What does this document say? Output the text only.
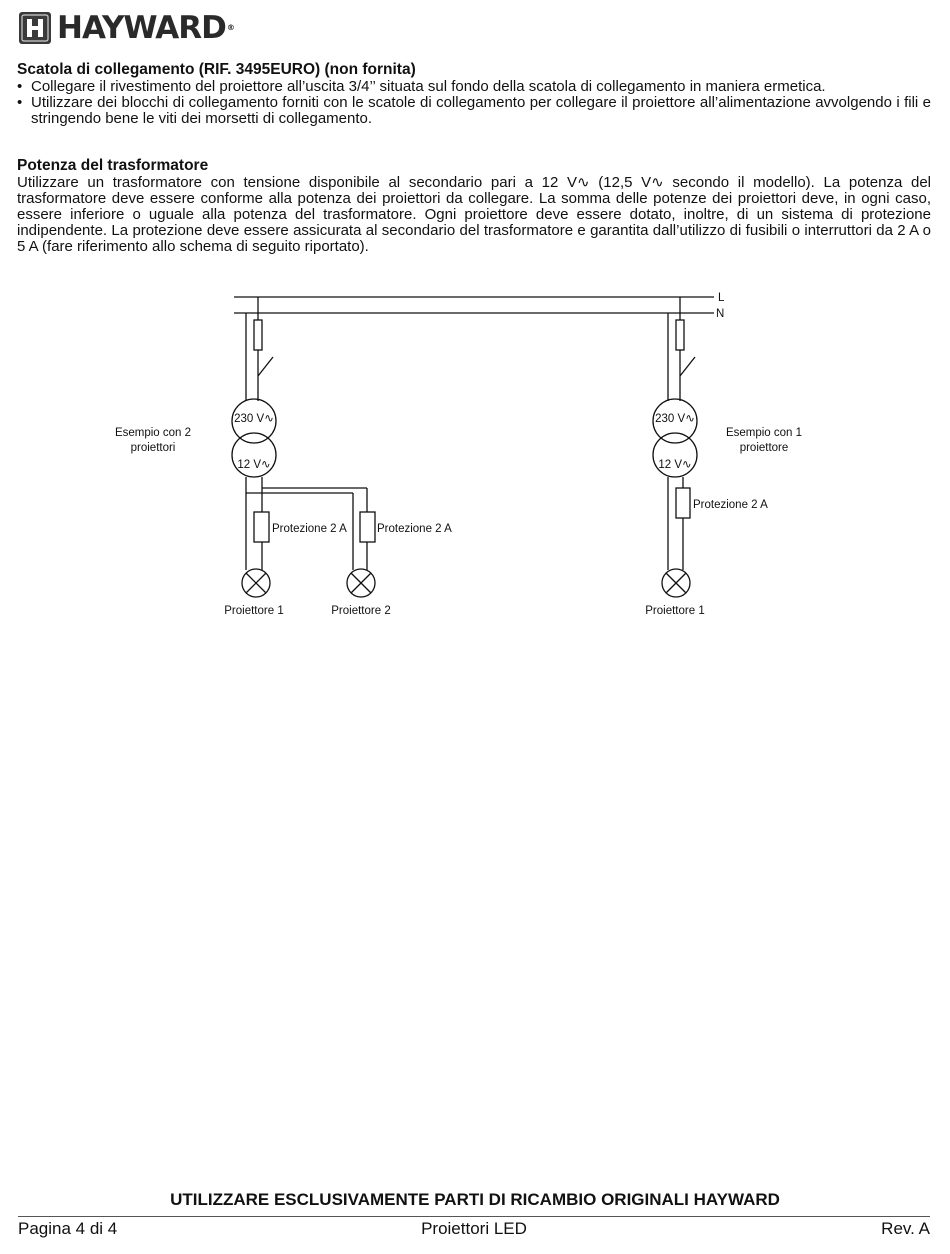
HAYWARD®
Scatola di collegamento (RIF. 3495EURO) (non fornita)
• Collegare il rivestimento del proiettore all’uscita 3/4’’ situata sul fondo della scatola di collegamento in maniera ermetica.
• Utilizzare dei blocchi di collegamento forniti con le scatole di collegamento per collegare il proiettore all’alimentazione avvolgendo i fili e stringendo bene le viti dei morsetti di collegamento.
Potenza del trasformatore
Utilizzare un trasformatore con tensione disponibile al secondario pari a 12 V∿ (12,5 V∿ secondo il modello). La potenza del trasformatore deve essere conforme alla potenza dei proiettori da collegare. La somma delle potenze dei proiettori deve, in ogni caso, essere inferiore o uguale alla potenza del trasformatore. Ogni proiettore deve essere dotato, inoltre, di un sistema di protezione indipendente. La protezione deve essere assicurata al secondario del trasformatore e garantita dall’utilizzo di fusibili o interruttori da 2 A o 5 A (fare riferimento allo schema di seguito riportato).
L
N
Esempio con 2
proiettori
230 V∿
12 V∿
Protezione 2 A	Protezione 2 A
Proiettore 1	Proiettore 2
Esempio con 1
proiettore
230 V∿
12 V∿
Protezione 2 A
Proiettore 1
UTILIZZARE ESCLUSIVAMENTE PARTI DI RICAMBIO ORIGINALI HAYWARD
Pagina 4 di 4	Proiettori LED	Rev. A
